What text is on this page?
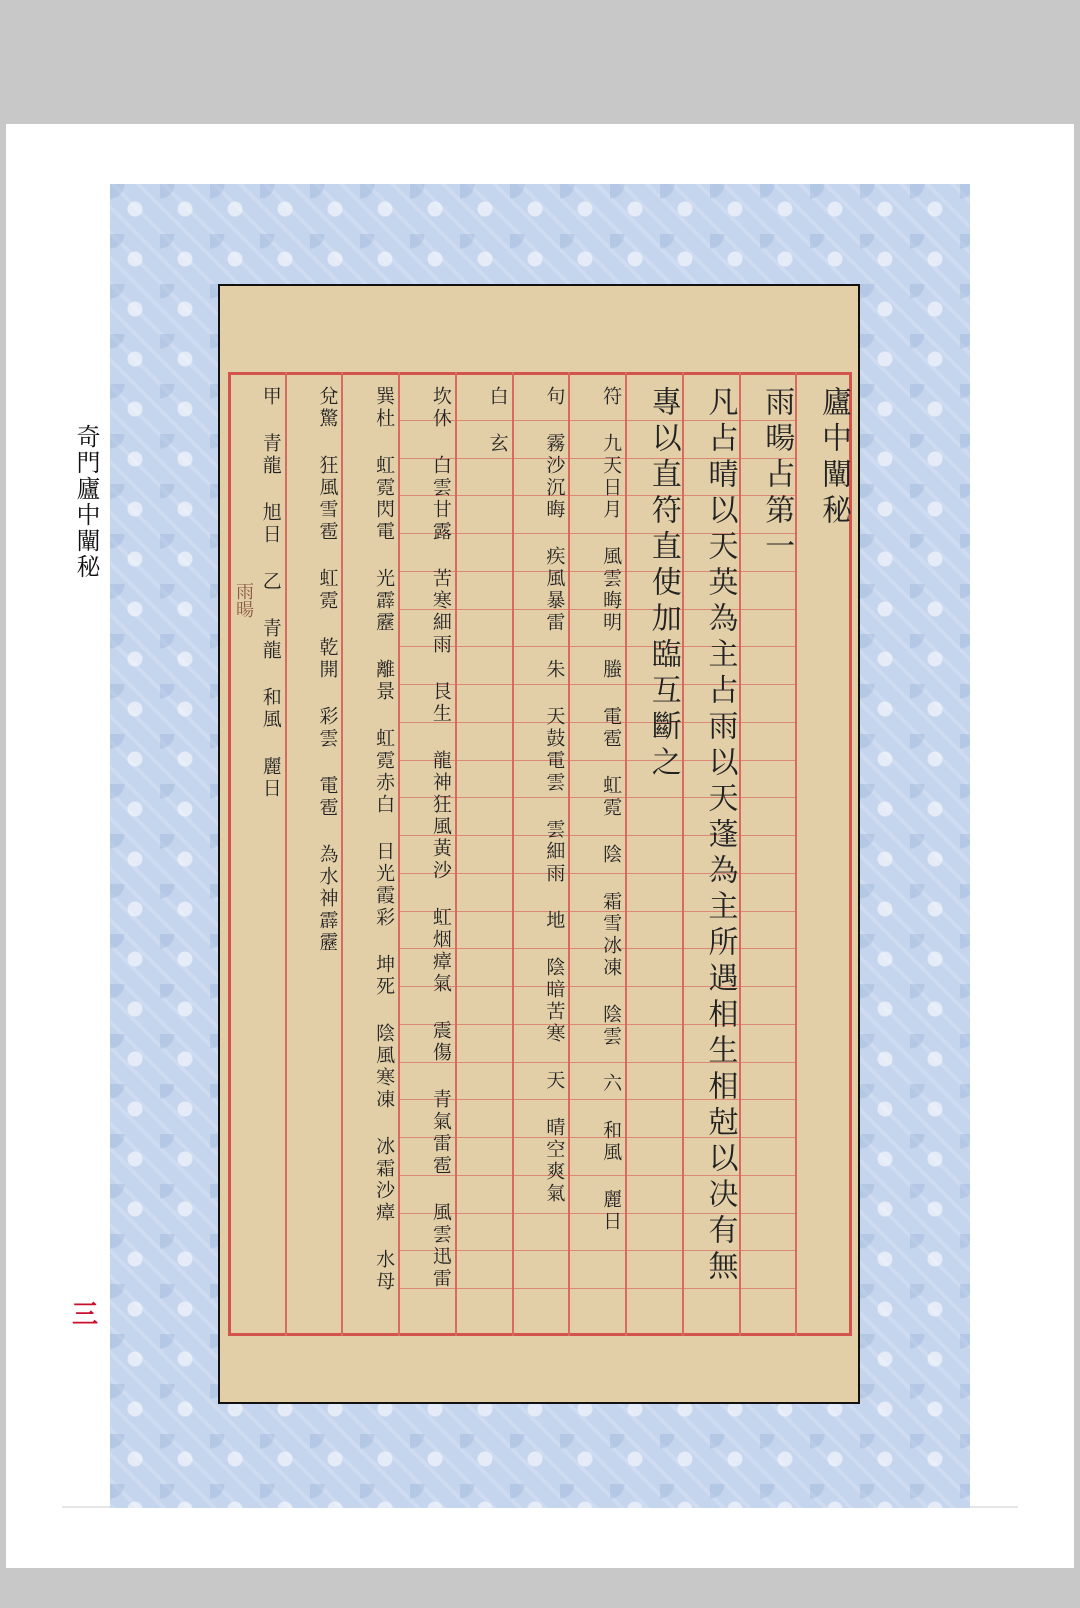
奇門廬中闡秘
三
雨暘
廬中闡秘
雨暘占第一
凡占晴以天英為主占雨以天蓬為主所遇相生相尅以决有無
專以直符直使加臨互斷之
符 九天日月 風雲晦明 螣 電雹 虹霓 陰 霜雪冰凍 陰雲 六 和風 麗日
句 霧沙沉晦 疾風暴雷 朱 天鼓電雲 雲細雨 地 陰暗苦寒 天 晴空爽氣
白 玄
坎休 白雲甘露 苦寒細雨 艮生 龍神狂風黃沙 虹烟瘴氣 震傷 青氣雷雹 風雲迅雷
巽杜 虹霓閃電 光霹靂 離景 虹霓赤白 日光霞彩 坤死 陰風寒凍 冰霜沙瘴 水母
兌驚 狂風雪雹 虹霓 乾開 彩雲 電雹 為水神霹靂
甲 青龍 旭日 乙 青龍 和風 麗日
